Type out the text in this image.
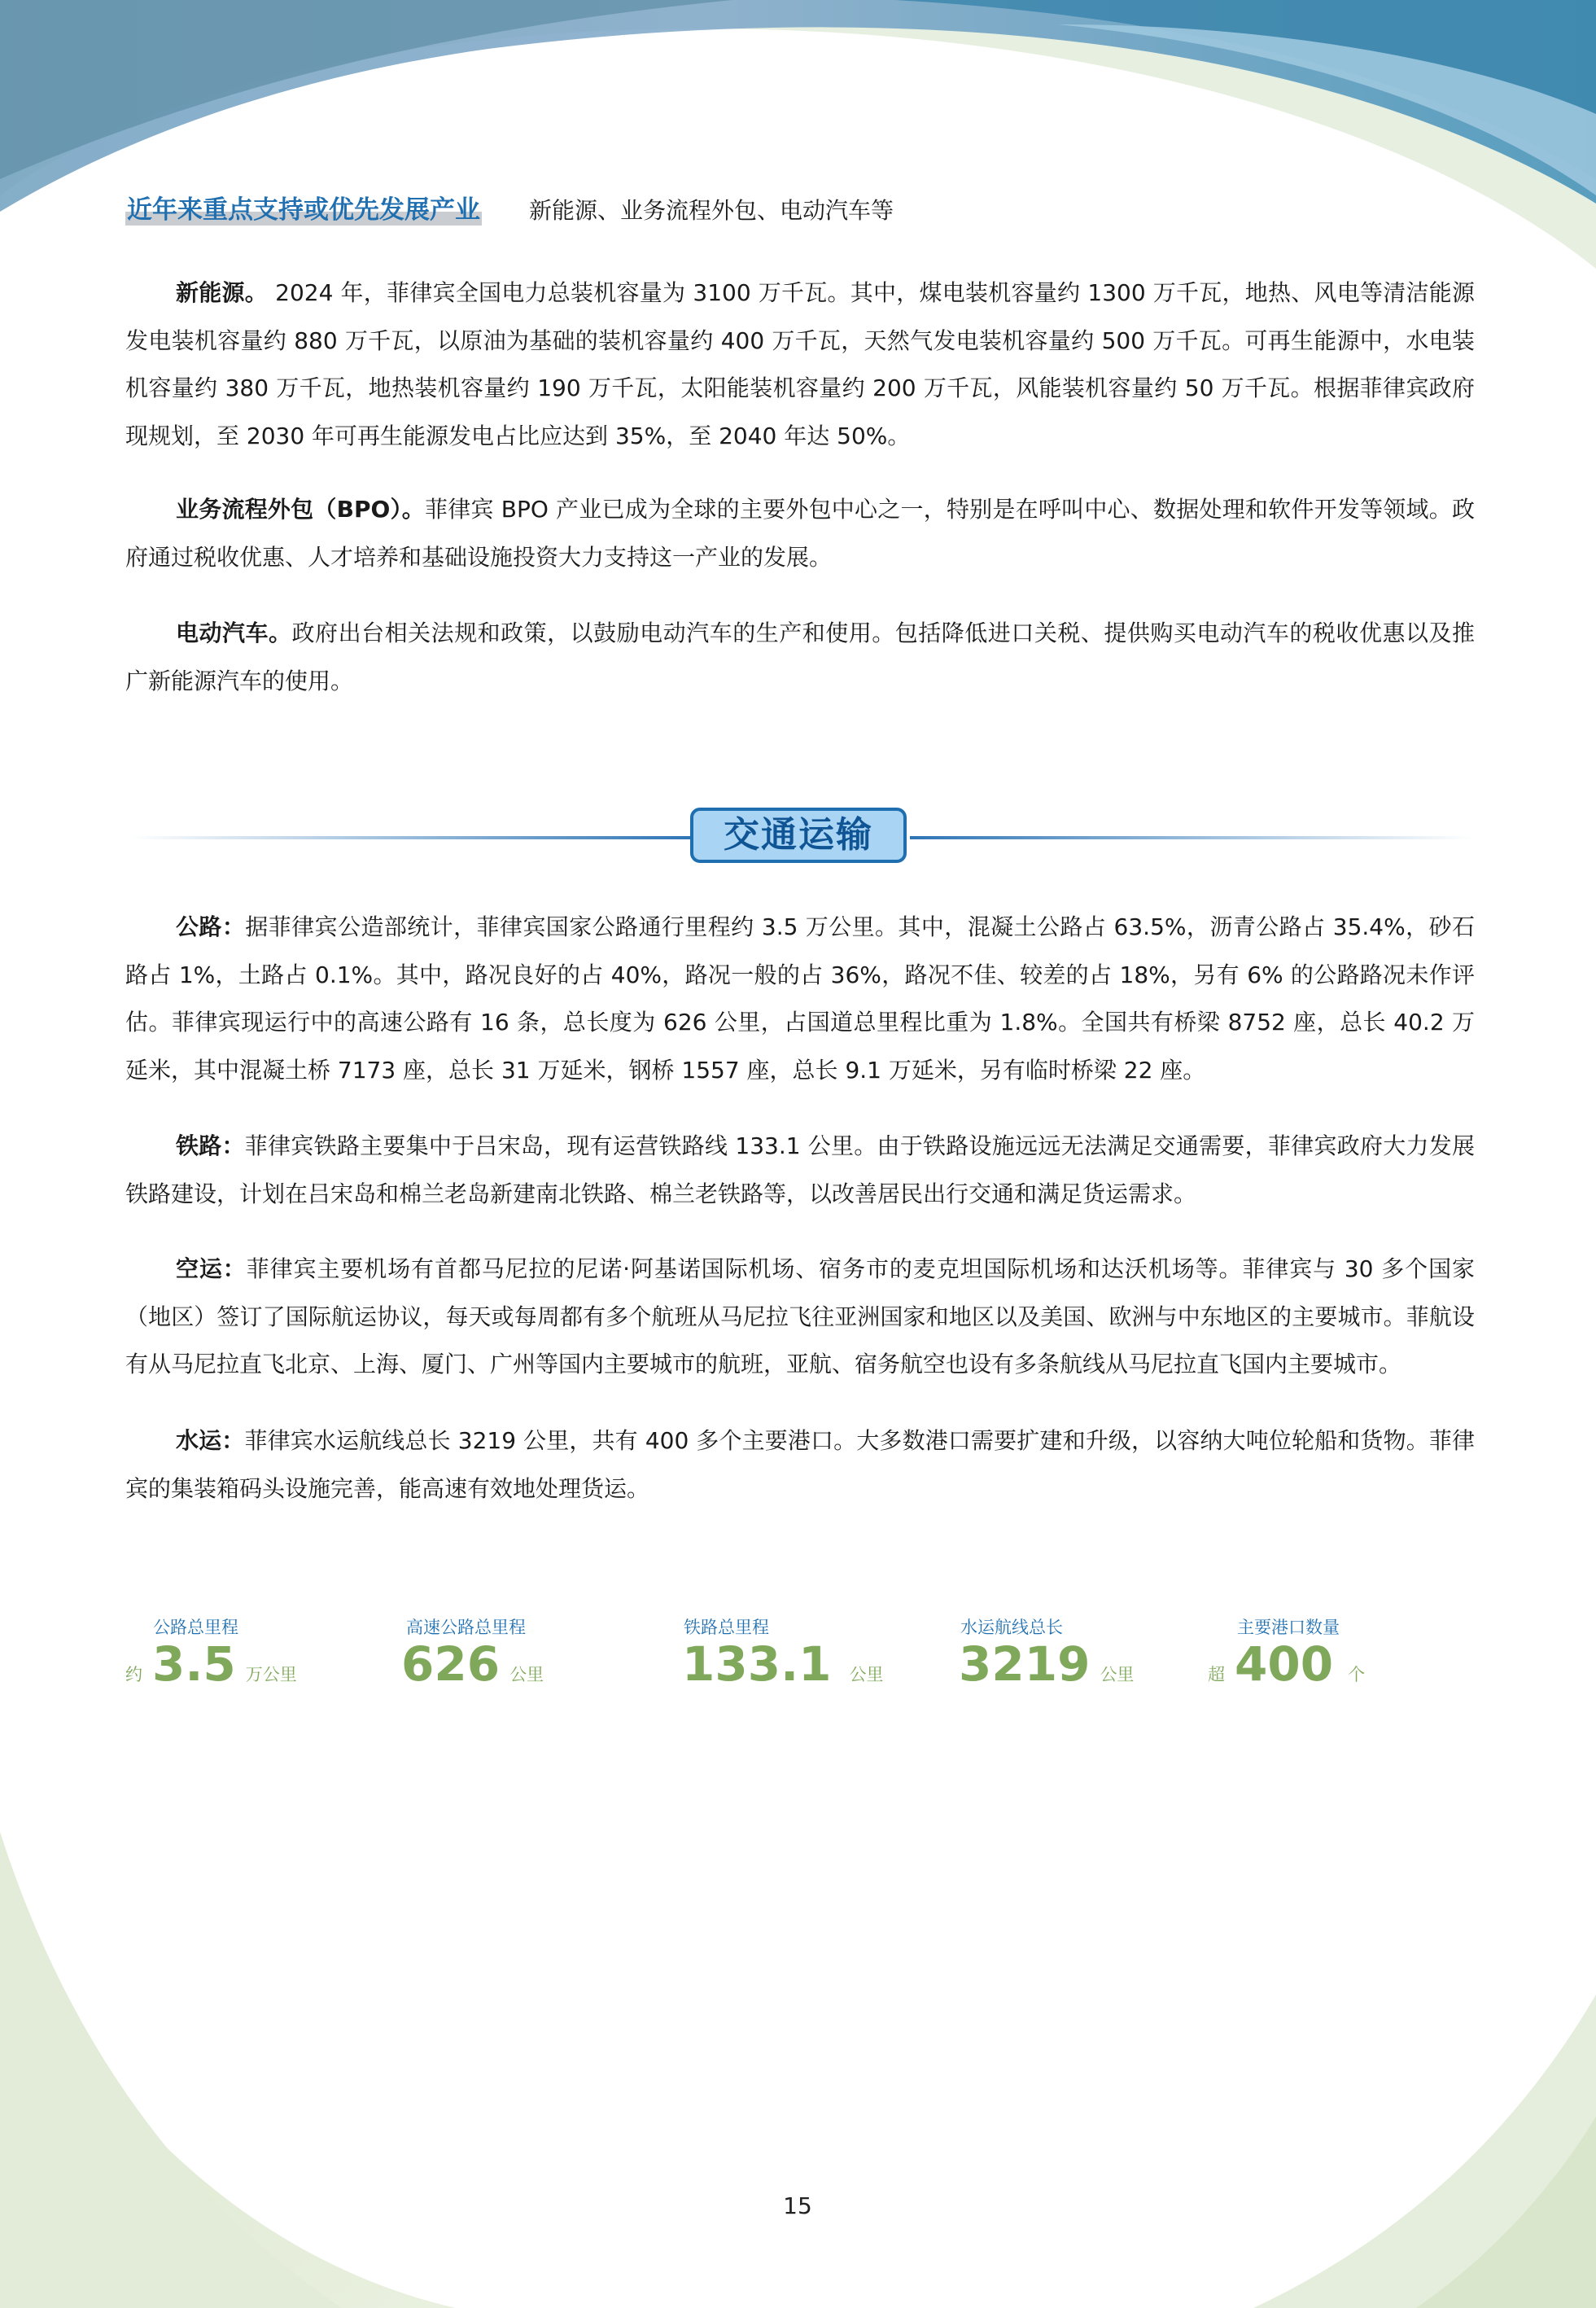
近年来重点支持或优先发展产业 新能源、业务流程外包、电动汽车等

新能源。 2024 年，菲律宾全国电力总装机容量为 3100 万千瓦。其中，煤电装机容量约 1300 万千瓦，地热、风电等清洁能源发电装机容量约 880 万千瓦，以原油为基础的装机容量约 400 万千瓦，天然气发电装机容量约 500 万千瓦。可再生能源中，水电装机容量约 380 万千瓦，地热装机容量约 190 万千瓦，太阳能装机容量约 200 万千瓦，风能装机容量约 50 万千瓦。根据菲律宾政府现规划，至 2030 年可再生能源发电占比应达到 35%，至 2040 年达 50%。

业务流程外包（BPO）。菲律宾 BPO 产业已成为全球的主要外包中心之一，特别是在呼叫中心、数据处理和软件开发等领域。政府通过税收优惠、人才培养和基础设施投资大力支持这一产业的发展。

电动汽车。政府出台相关法规和政策，以鼓励电动汽车的生产和使用。包括降低进口关税、提供购买电动汽车的税收优惠以及推广新能源汽车的使用。

交通运输

公路：据菲律宾公造部统计，菲律宾国家公路通行里程约 3.5 万公里。其中，混凝土公路占 63.5%，沥青公路占 35.4%，砂石路占 1%，土路占 0.1%。其中，路况良好的占 40%，路况一般的占 36%，路况不佳、较差的占 18%，另有 6% 的公路路况未作评估。菲律宾现运行中的高速公路有 16 条，总长度为 626 公里，占国道总里程比重为 1.8%。全国共有桥梁 8752 座，总长 40.2 万延米，其中混凝土桥 7173 座，总长 31 万延米，钢桥 1557 座，总长 9.1 万延米，另有临时桥梁 22 座。

铁路：菲律宾铁路主要集中于吕宋岛，现有运营铁路线 133.1 公里。由于铁路设施远远无法满足交通需要，菲律宾政府大力发展铁路建设，计划在吕宋岛和棉兰老岛新建南北铁路、棉兰老铁路等，以改善居民出行交通和满足货运需求。

空运：菲律宾主要机场有首都马尼拉的尼诺·阿基诺国际机场、宿务市的麦克坦国际机场和达沃机场等。菲律宾与 30 多个国家（地区）签订了国际航运协议，每天或每周都有多个航班从马尼拉飞往亚洲国家和地区以及美国、欧洲与中东地区的主要城市。菲航设有从马尼拉直飞北京、上海、厦门、广州等国内主要城市的航班，亚航、宿务航空也设有多条航线从马尼拉直飞国内主要城市。

水运：菲律宾水运航线总长 3219 公里，共有 400 多个主要港口。大多数港口需要扩建和升级，以容纳大吨位轮船和货物。菲律宾的集装箱码头设施完善，能高速有效地处理货运。

公路总里程
约 3.5 万公里
高速公路总里程
626 公里
铁路总里程
133.1 公里
水运航线总长
3219 公里
主要港口数量
超 400 个
15
